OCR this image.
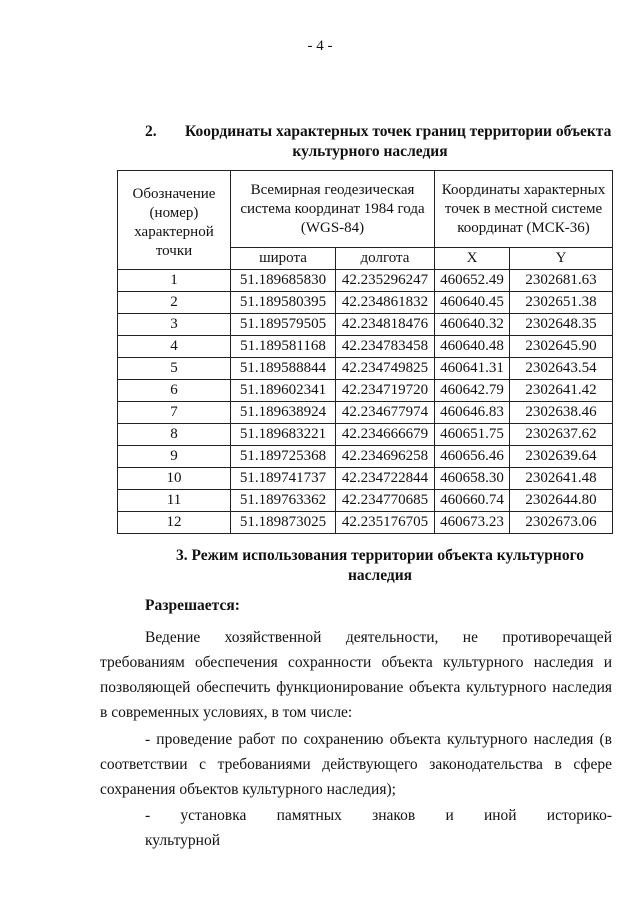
- 4 -
2. Координаты характерных точек границ территории объекта
культурного наследия
Обозначение (номер) характерной точки	Всемирная геодезическая система координат 1984 года (WGS-84)		Координаты характерных точек в местной системе координат (МСК-36)	
	широта	долгота	X	Y
1	51.189685830	42.235296247	460652.49	2302681.63
2	51.189580395	42.234861832	460640.45	2302651.38
3	51.189579505	42.234818476	460640.32	2302648.35
4	51.189581168	42.234783458	460640.48	2302645.90
5	51.189588844	42.234749825	460641.31	2302643.54
6	51.189602341	42.234719720	460642.79	2302641.42
7	51.189638924	42.234677974	460646.83	2302638.46
8	51.189683221	42.234666679	460651.75	2302637.62
9	51.189725368	42.234696258	460656.46	2302639.64
10	51.189741737	42.234722844	460658.30	2302641.48
11	51.189763362	42.234770685	460660.74	2302644.80
12	51.189873025	42.235176705	460673.23	2302673.06
3. Режим использования территории объекта культурного
наследия
Разрешается:
Ведение хозяйственной деятельности, не противоречащей требованиям обеспечения сохранности объекта культурного наследия и позволяющей обеспечить функционирование объекта культурного наследия в современных условиях, в том числе:
- проведение работ по сохранению объекта культурного наследия (в соответствии с требованиями действующего законодательства в сфере сохранения объектов культурного наследия);
- установка памятных знаков и иной историко-культурной
